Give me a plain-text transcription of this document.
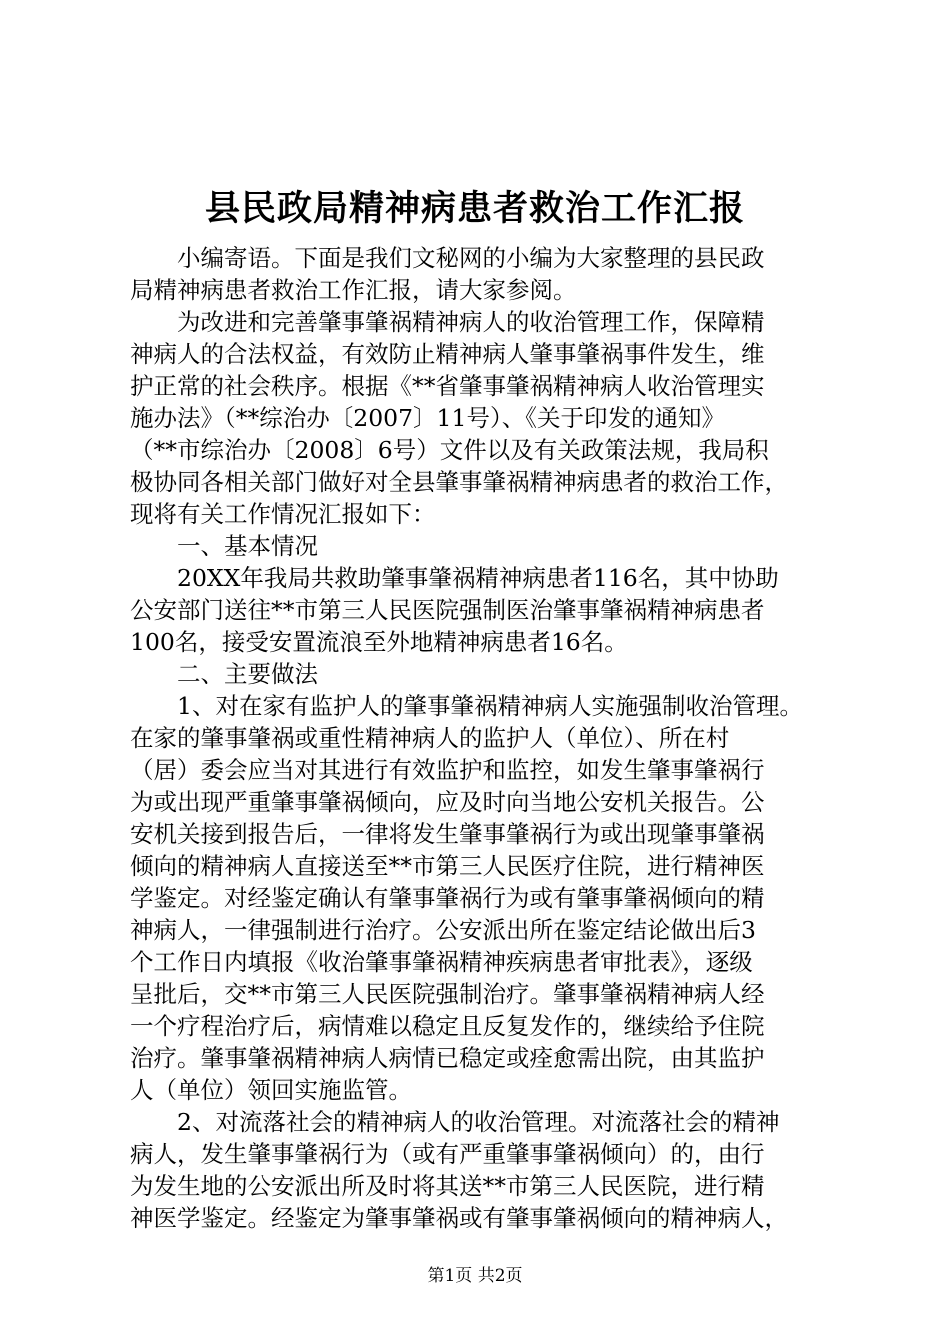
县民政局精神病患者救治工作汇报
　　小编寄语。下面是我们文秘网的小编为大家整理的县民政
局精神病患者救治工作汇报，请大家参阅。
　　为改进和完善肇事肇祸精神病人的收治管理工作，保障精
神病人的合法权益，有效防止精神病人肇事肇祸事件发生，维
护正常的社会秩序。根据《**省肇事肇祸精神病人收治管理实
施办法》（**综治办〔2007〕11号）、《关于印发的通知》
（**市综治办〔2008〕6号）文件以及有关政策法规，我局积
极协同各相关部门做好对全县肇事肇祸精神病患者的救治工作，
现将有关工作情况汇报如下：
　　一、基本情况
　　20XX年我局共救助肇事肇祸精神病患者116名，其中协助
公安部门送往**市第三人民医院强制医治肇事肇祸精神病患者
100名，接受安置流浪至外地精神病患者16名。
　　二、主要做法
　　1、对在家有监护人的肇事肇祸精神病人实施强制收治管理。
在家的肇事肇祸或重性精神病人的监护人（单位）、所在村
（居）委会应当对其进行有效监护和监控，如发生肇事肇祸行
为或出现严重肇事肇祸倾向，应及时向当地公安机关报告。公
安机关接到报告后，一律将发生肇事肇祸行为或出现肇事肇祸
倾向的精神病人直接送至**市第三人民医疗住院，进行精神医
学鉴定。对经鉴定确认有肇事肇祸行为或有肇事肇祸倾向的精
神病人，一律强制进行治疗。公安派出所在鉴定结论做出后3
个工作日内填报《收治肇事肇祸精神疾病患者审批表》，逐级
呈批后，交**市第三人民医院强制治疗。肇事肇祸精神病人经
一个疗程治疗后，病情难以稳定且反复发作的，继续给予住院
治疗。肇事肇祸精神病人病情已稳定或痊愈需出院，由其监护
人（单位）领回实施监管。
　　2、对流落社会的精神病人的收治管理。对流落社会的精神
病人，发生肇事肇祸行为（或有严重肇事肇祸倾向）的，由行
为发生地的公安派出所及时将其送**市第三人民医院，进行精
神医学鉴定。经鉴定为肇事肇祸或有肇事肇祸倾向的精神病人，
第1页 共2页
